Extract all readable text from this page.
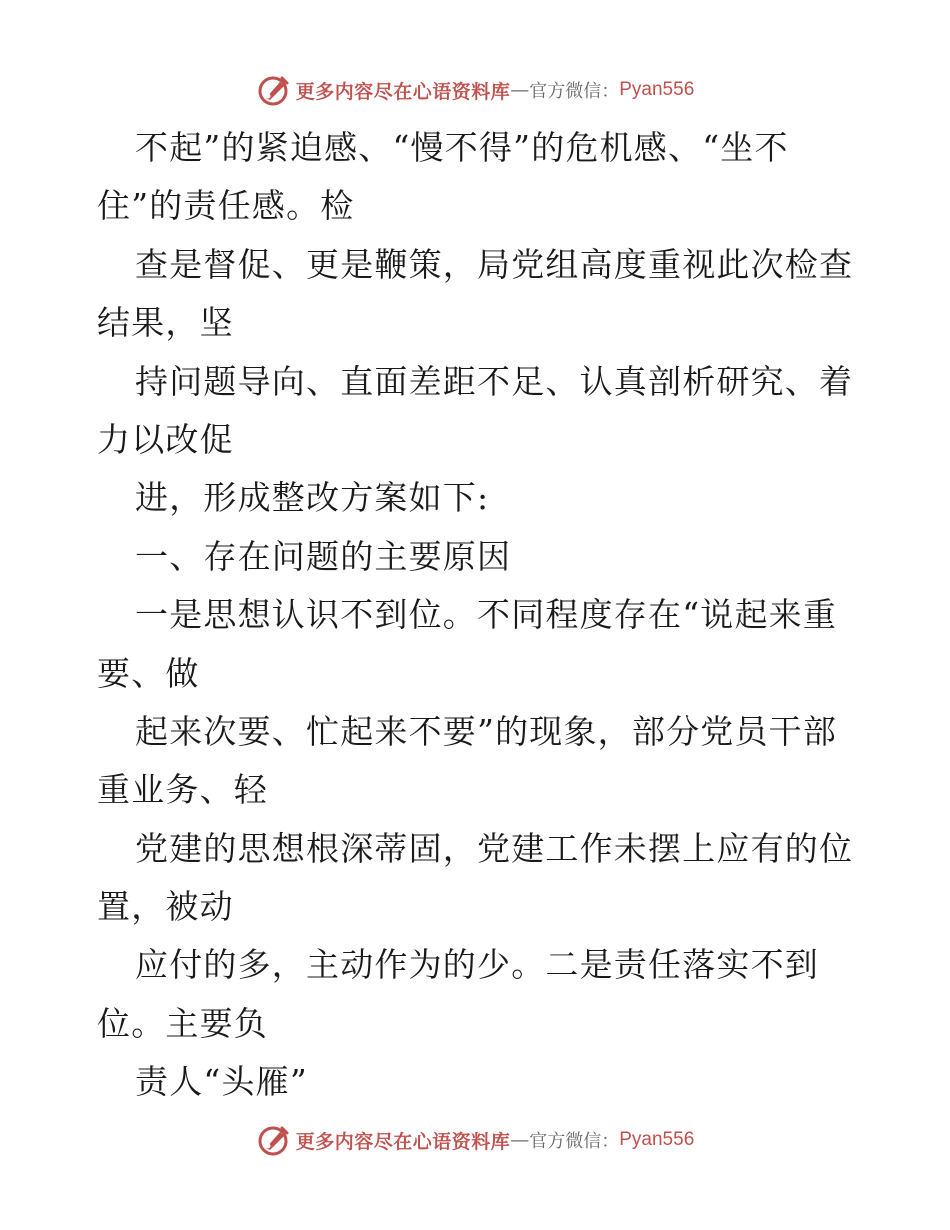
更多内容尽在心语资料库 — 官方微信： Pyan556
不起”的紧迫感、“慢不得”的危机感、“坐不
住”的责任感。检
查是督促、更是鞭策，局党组高度重视此次检查
结果，坚
持问题导向、直面差距不足、认真剖析研究、着
力以改促
进，形成整改方案如下:
一、存在问题的主要原因
一是思想认识不到位。不同程度存在“说起来重
要、做
起来次要、忙起来不要”的现象，部分党员干部
重业务、轻
党建的思想根深蒂固，党建工作未摆上应有的位
置，被动
应付的多，主动作为的少。二是责任落实不到
位。主要负
责人“头雁”
更多内容尽在心语资料库 — 官方微信： Pyan556
